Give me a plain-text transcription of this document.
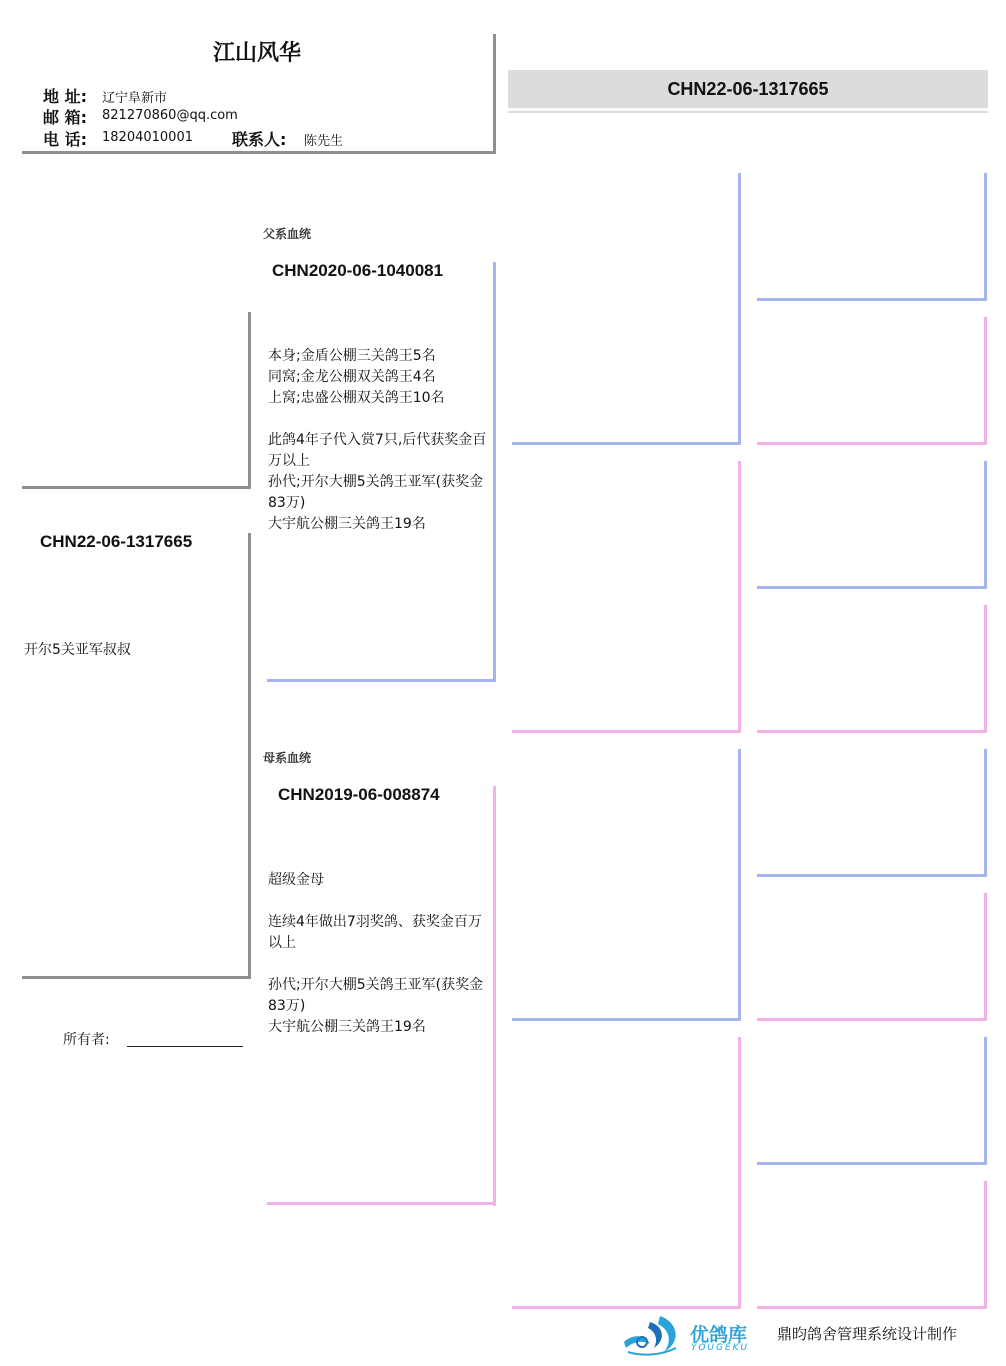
江山风华
地 址: 辽宁阜新市
邮 箱: 821270860@qq.com
电 话: 18204010001 联系人: 陈先生
CHN22-06-1317665
CHN22-06-1317665
开尔5关亚军叔叔
所有者:
父系血统
CHN2020-06-1040081
本身;金盾公棚三关鸽王5名
同窝;金龙公棚双关鸽王4名
上窝;忠盛公棚双关鸽王10名
此鸽4年子代入赏7只,后代获奖金百万以上
孙代;开尔大棚5关鸽王亚军(获奖金83万)
大宇航公棚三关鸽王19名
母系血统
CHN2019-06-008874
超级金母
连续4年做出7羽奖鸽、获奖金百万以上
孙代;开尔大棚5关鸽王亚军(获奖金83万)
大宇航公棚三关鸽王19名
优鸽库
YOUGEKU
鼎昀鸽舍管理系统设计制作
